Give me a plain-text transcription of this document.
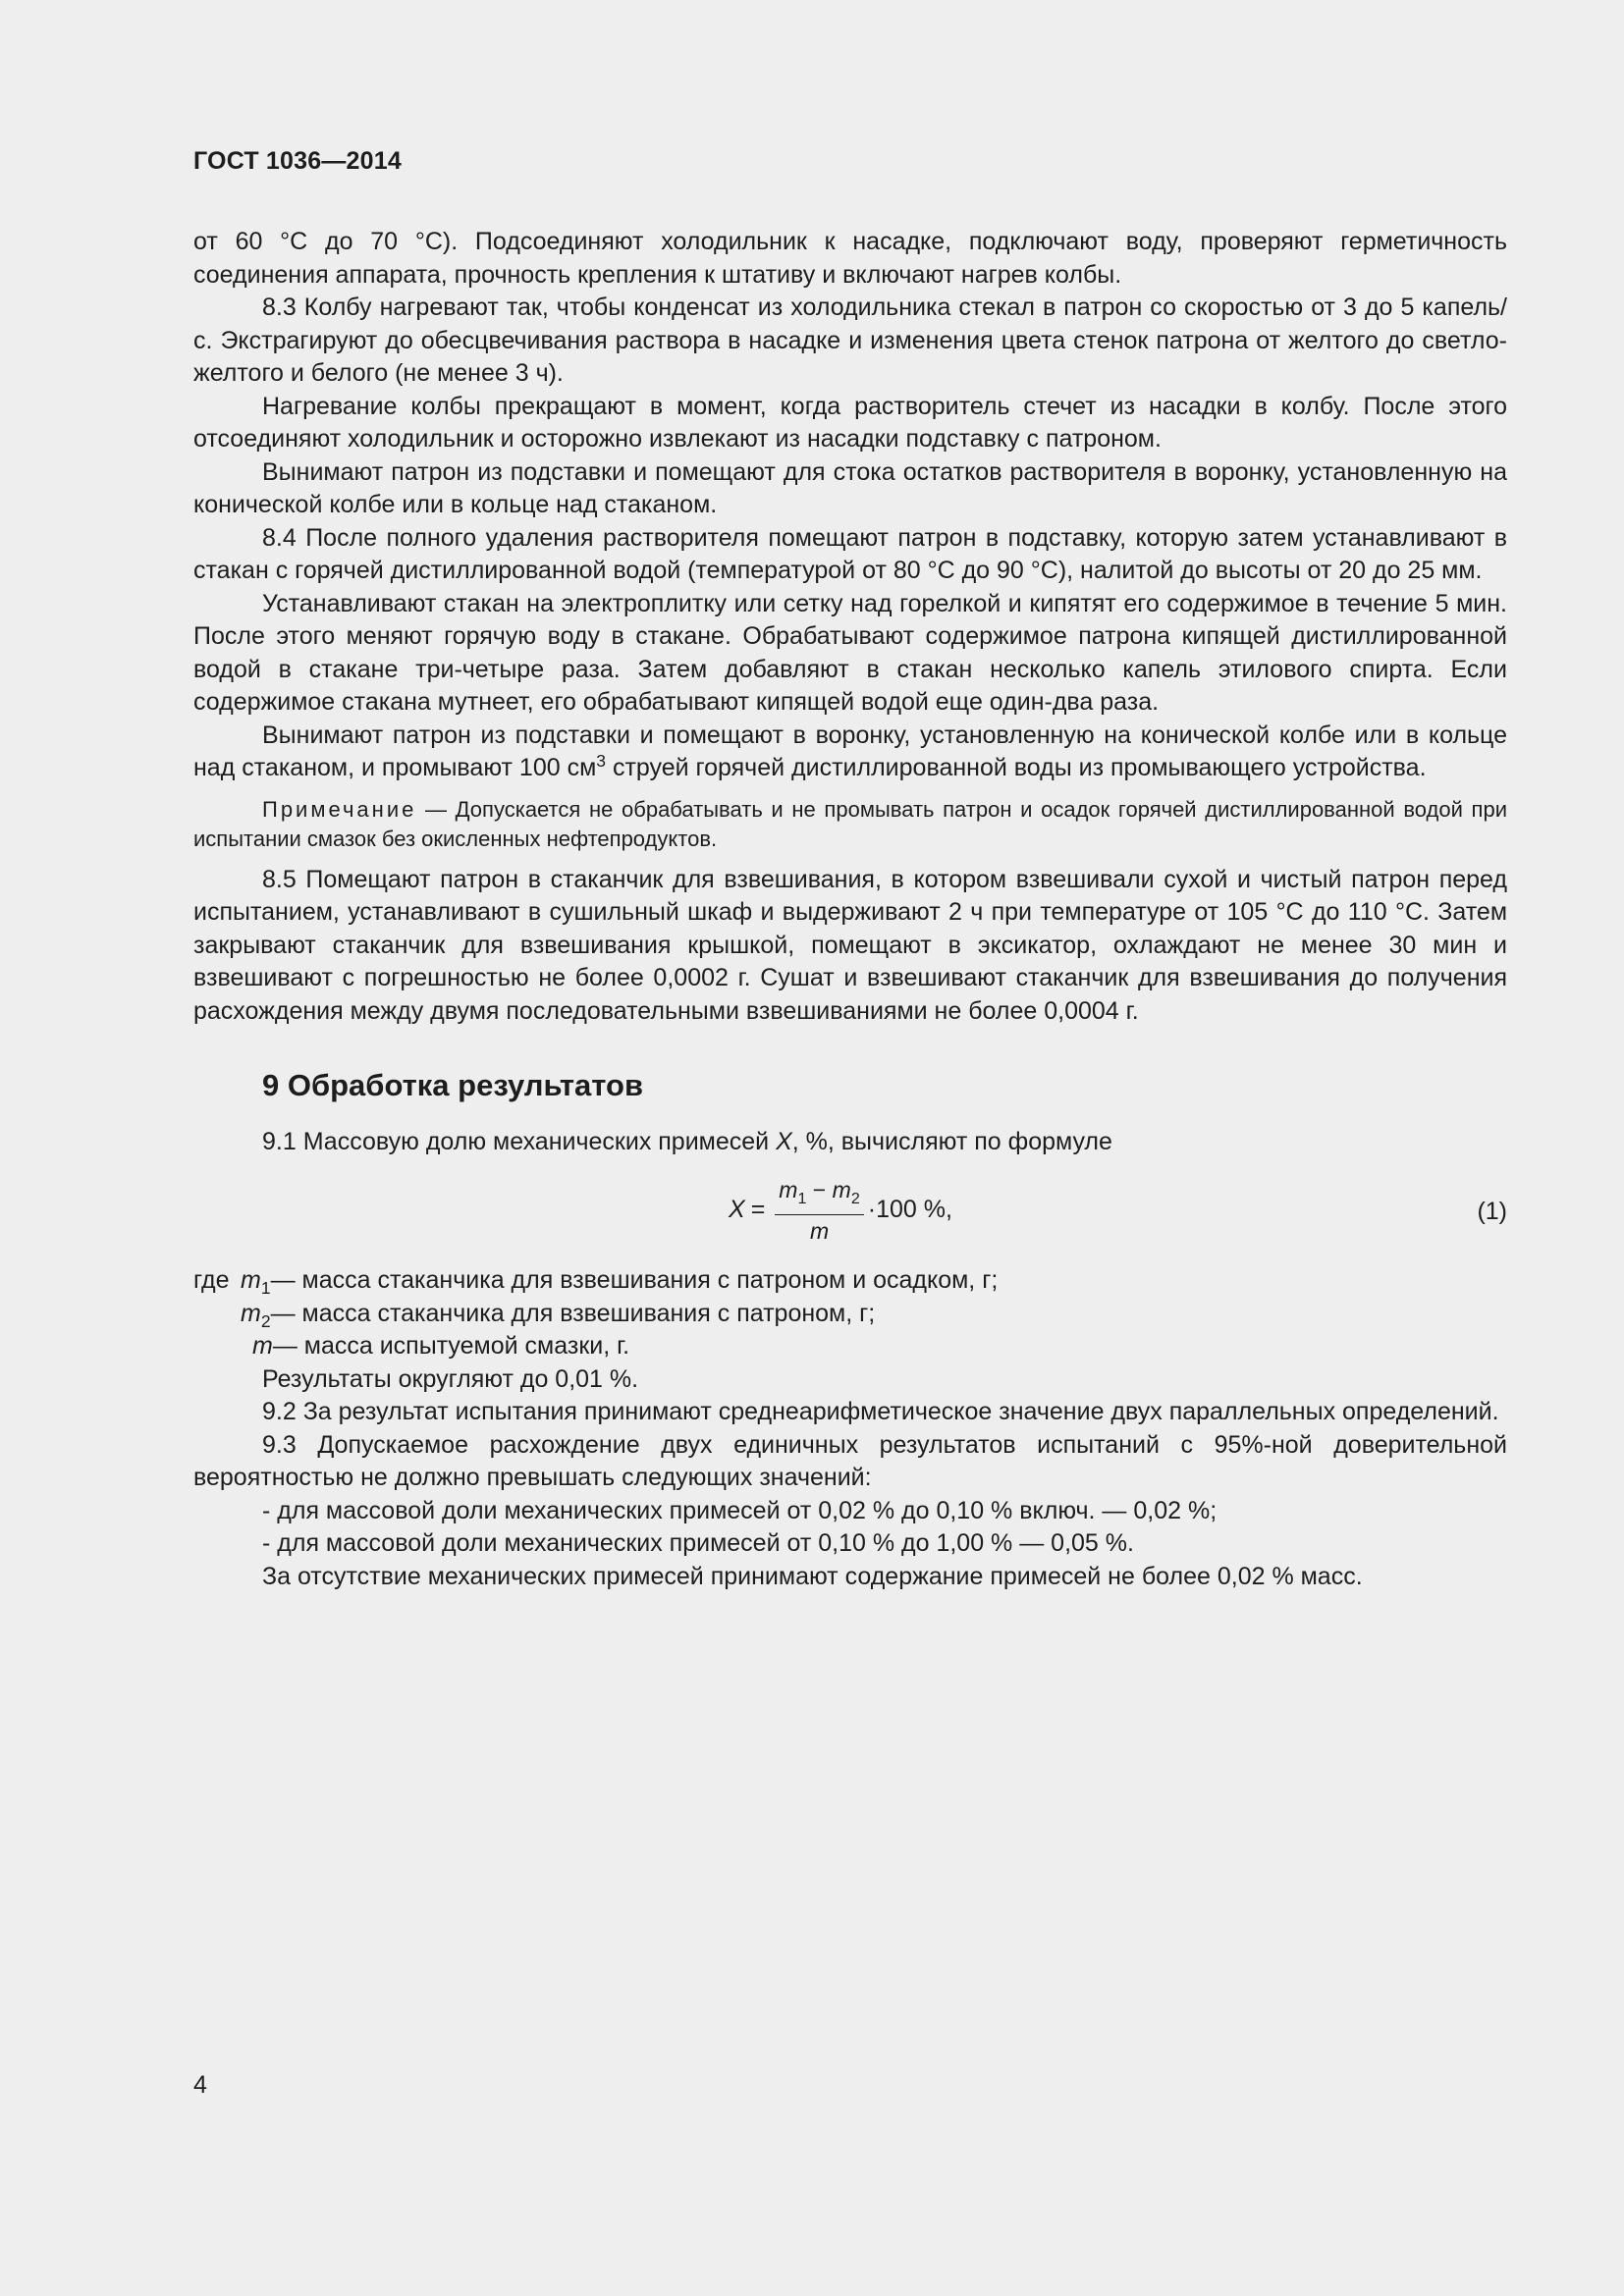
ГОСТ 1036—2014

от 60 °С до 70 °С). Подсоединяют холодильник к насадке, подключают воду, проверяют герметичность соединения аппарата, прочность крепления к штативу и включают нагрев колбы.

8.3 Колбу нагревают так, чтобы конденсат из холодильника стекал в патрон со скоростью от 3 до 5 капель/с. Экстрагируют до обесцвечивания раствора в насадке и изменения цвета стенок патрона от желтого до светло-желтого и белого (не менее 3 ч).

Нагревание колбы прекращают в момент, когда растворитель стечет из насадки в колбу. После этого отсоединяют холодильник и осторожно извлекают из насадки подставку с патроном.

Вынимают патрон из подставки и помещают для стока остатков растворителя в воронку, установленную на конической колбе или в кольце над стаканом.

8.4 После полного удаления растворителя помещают патрон в подставку, которую затем устанавливают в стакан с горячей дистиллированной водой (температурой от 80 °С до 90 °С), налитой до высоты от 20 до 25 мм.

Устанавливают стакан на электроплитку или сетку над горелкой и кипятят его содержимое в течение 5 мин. После этого меняют горячую воду в стакане. Обрабатывают содержимое патрона кипящей дистиллированной водой в стакане три-четыре раза. Затем добавляют в стакан несколько капель этилового спирта. Если содержимое стакана мутнеет, его обрабатывают кипящей водой еще один-два раза.

Вынимают патрон из подставки и помещают в воронку, установленную на конической колбе или в кольце над стаканом, и промывают 100 $см^3$ струей горячей дистиллированной воды из промывающего устройства.

Примечание — Допускается не обрабатывать и не промывать патрон и осадок горячей дистиллированной водой при испытании смазок без окисленных нефтепродуктов.

8.5 Помещают патрон в стаканчик для взвешивания, в котором взвешивали сухой и чистый патрон перед испытанием, устанавливают в сушильный шкаф и выдерживают 2 ч при температуре от 105 °С до 110 °С. Затем закрывают стаканчик для взвешивания крышкой, помещают в эксикатор, охлаждают не менее 30 мин и взвешивают с погрешностью не более 0,0002 г. Сушат и взвешивают стаканчик для взвешивания до получения расхождения между двумя последовательными взвешиваниями не более 0,0004 г.

9 Обработка результатов

9.1 Массовую долю механических примесей X, %, вычисляют по формуле

$X = \frac{m_1 - m_2}{m} \cdot 100$ %,	(1)
где $m_1$ — масса стаканчика для взвешивания с патроном и осадком, г;
$m_2$ — масса стаканчика для взвешивания с патроном, г;
m — масса испытуемой смазки, г.

Результаты округляют до 0,01 %.

9.2 За результат испытания принимают среднеарифметическое значение двух параллельных определений.

9.3 Допускаемое расхождение двух единичных результатов испытаний с 95%-ной доверительной вероятностью не должно превышать следующих значений:

- для массовой доли механических примесей от 0,02 % до 0,10 % включ. — 0,02 %;

- для массовой доли механических примесей от 0,10 % до 1,00 % — 0,05 %.

За отсутствие механических примесей принимают содержание примесей не более 0,02 % масс.

4
